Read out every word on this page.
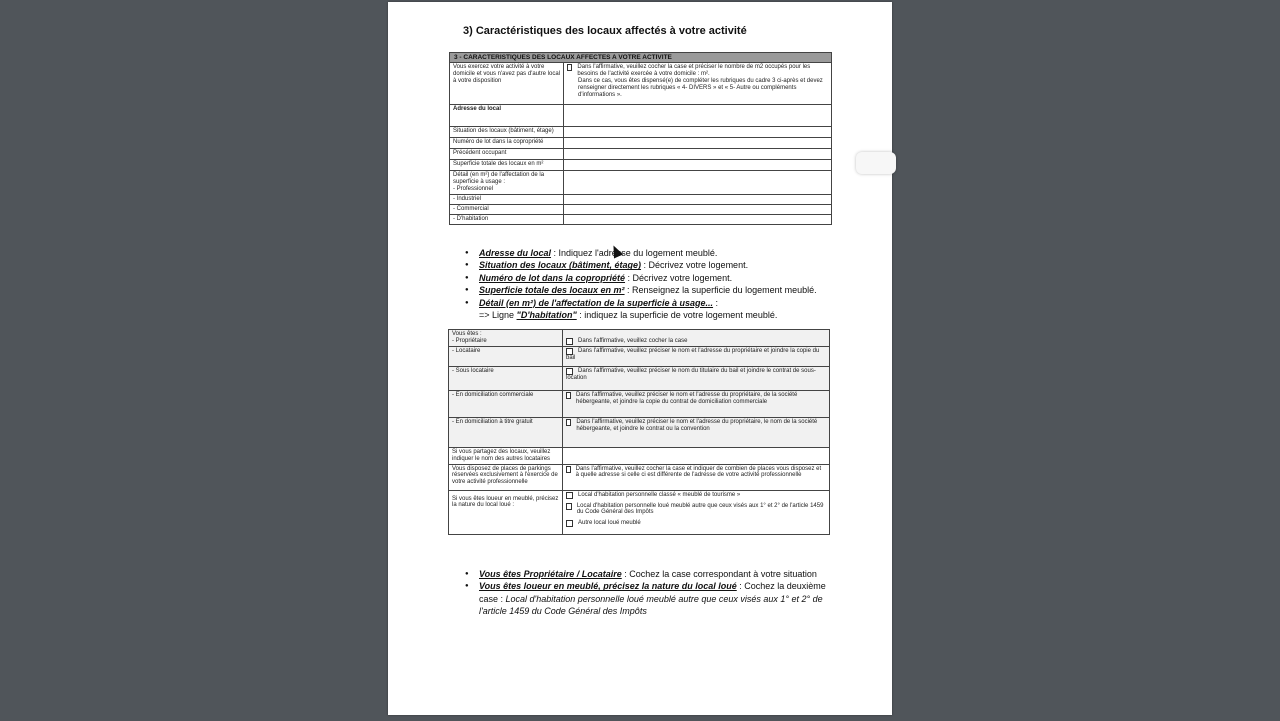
3) Caractéristiques des locaux affectés à votre activité
3 - CARACTERISTIQUES DES LOCAUX AFFECTES A VOTRE ACTIVITE	
Vous exercez votre activité à votre domicile et vous n'avez pas d'autre local à votre disposition	Dans l'affirmative, veuillez cocher la case et préciser le nombre de m2 occupés pour les besoins de l'activité exercée à votre domicile : m².
Dans ce cas, vous êtes dispensé(e) de compléter les rubriques du cadre 3 ci-après et devez renseigner directement les rubriques « 4- DIVERS » et « 5- Autre ou compléments d'informations ».

Adresse du local	
Situation des locaux (bâtiment, étage)	
Numéro de lot dans la copropriété	
Précédent occupant	
Superficie totale des locaux en m²	

Détail (en m²) de l'affectation de la superficie à usage :
- Professionnel	

- Industriel	
- Commercial	
- D'habitation	
● Adresse du local : Indiquez l'adresse du logement meublé.
● Situation des locaux (bâtiment, étage) : Décrivez votre logement.
● Numéro de lot dans la copropriété : Décrivez votre logement.
● Superficie totale des locaux en m² : Renseignez la superficie du logement meublé.
● Détail (en m²) de l'affectation de la superficie à usage... :
=> Ligne "D'habitation" : indiquez la superficie de votre logement meublé.
Vous êtes :
- Propriétaire	Dans l'affirmative, veuillez cocher la case
- Locataire	Dans l'affirmative, veuillez préciser le nom et l'adresse du propriétaire et joindre la copie du bail
- Sous locataire	Dans l'affirmative, veuillez préciser le nom du titulaire du bail et joindre le contrat de sous-location
- En domiciliation commerciale	Dans l'affirmative, veuillez préciser le nom et l'adresse du propriétaire, de la société hébergeante, et joindre la copie du contrat de domiciliation commerciale

- En domiciliation à titre gratuit	Dans l'affirmative, veuillez préciser le nom et l'adresse du propriétaire, le nom de la société hébergeante, et joindre le contrat ou la convention

Si vous partagez des locaux, veuillez indiquer le nom des autres locataires	
Vous disposez de places de parkings réservées exclusivement à l'exercice de votre activité professionnelle	Dans l'affirmative, veuillez cocher la case et indiquer de combien de places vous disposez et à quelle adresse si celle ci est différente de l'adresse de votre activité professionnelle

Si vous êtes loueur en meublé, précisez la nature du local loué :	Local d'habitation personnelle classé « meublé de tourisme »
Local d'habitation personnelle loué meublé autre que ceux visés aux 1° et 2° de l'article 1459 du Code Général des Impôts
Autre local loué meublé
● Vous êtes Propriétaire / Locataire : Cochez la case correspondant à votre situation
● Vous êtes loueur en meublé, précisez la nature du local loué : Cochez la deuxième case : Local d'habitation personnelle loué meublé autre que ceux visés aux 1° et 2° de l'article 1459 du Code Général des Impôts
